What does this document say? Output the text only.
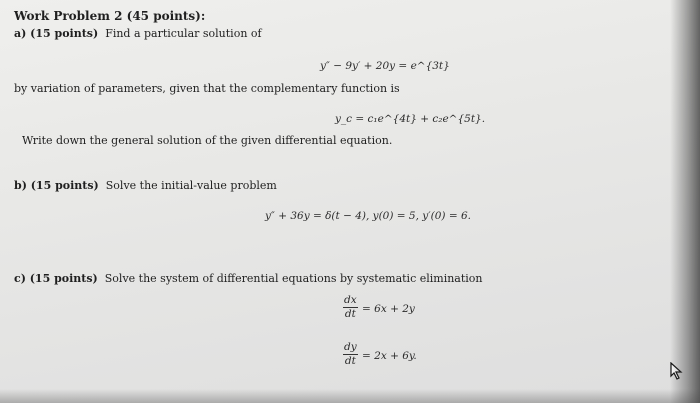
Work Problem 2 (45 points):
a) (15 points) Find a particular solution of
y″ − 9y′ + 20y = e^{3t}
by variation of parameters, given that the complementary function is
y_c = c₁e^{4t} + c₂e^{5t}.
Write down the general solution of the given differential equation.
b) (15 points) Solve the initial-value problem
y″ + 36y = δ(t − 4), y(0) = 5, y′(0) = 6.
c) (15 points) Solve the system of differential equations by systematic elimination
$\frac{dx}{dt} = 6x + 2y$
$\frac{dy}{dt} = 2x + 6y$.
